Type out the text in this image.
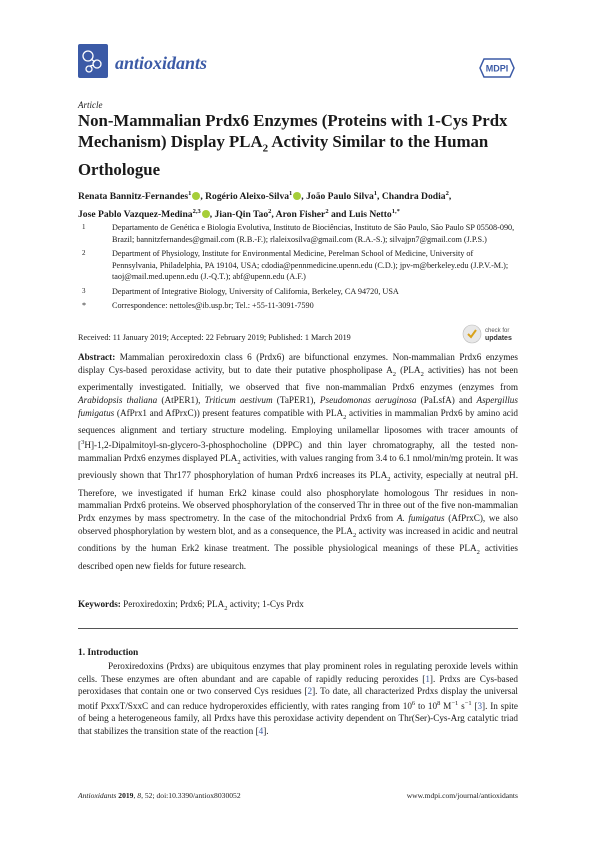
antioxidants	MDPI
Article
Non-Mammalian Prdx6 Enzymes (Proteins with 1-Cys Prdx Mechanism) Display $PLA_2$ Activity Similar to the Human Orthologue
Renata Bannitz-Fernandes$^1$ , Rogério Aleixo-Silva$^1$ , João Paulo Silva$^1$, Chandra Dodia$^2$,
Jose Pablo Vazquez-Medina$^{2,3}$ , Jian-Qin Tao$^2$, Aron Fisher$^2$ and Luis Netto$^{1,*}$
1	Departamento de Genética e Biologia Evolutiva, Instituto de Biociências, Instituto de São Paulo, São Paulo SP 05508-090, Brazil; bannitzfernandes@gmail.com (R.B.-F.); rlaleixosilva@gmail.com (R.A.-S.); silvajpn7@gmail.com (J.P.S.)
2	Department of Physiology, Institute for Environmental Medicine, Perelman School of Medicine, University of Pennsylvania, Philadelphia, PA 19104, USA; cdodia@pennmedicine.upenn.edu (C.D.); jpv-m@berkeley.edu (J.P.V.-M.); taoj@mail.med.upenn.edu (J.-Q.T.); abf@upenn.edu (A.F.)
3	Department of Integrative Biology, University of California, Berkeley, CA 94720, USA
*	Correspondence: nettoles@ib.usp.br; Tel.: +55-11-3091-7590
Received: 11 January 2019; Accepted: 22 February 2019; Published: 1 March 2019
check for
updates
Abstract: Mammalian peroxiredoxin class 6 (Prdx6) are bifunctional enzymes. Non-mammalian Prdx6 enzymes display Cys-based peroxidase activity, but to date their putative phospholipase $A_2$ ($PLA_2$ activities) has not been experimentally investigated. Initially, we observed that five non-mammalian Prdx6 enzymes (enzymes from Arabidopsis thaliana (AtPER1), Triticum aestivum (TaPER1), Pseudomonas aeruginosa (PaLsfA) and Aspergillus fumigatus (AfPrx1 and AfPrxC)) present features compatible with $PLA_2$ activities in mammalian Prdx6 by amino acid sequences alignment and tertiary structure modeling. Employing unilamellar liposomes with tracer amounts of [$^3$H]-1,2-Dipalmitoyl-sn-glycero-3-phosphocholine (DPPC) and thin layer chromatography, all the tested non-mammalian Prdx6 enzymes displayed $PLA_2$ activities, with values ranging from 3.4 to 6.1 nmol/min/mg protein. It was previously shown that Thr177 phosphorylation of human Prdx6 increases its $PLA_2$ activity, especially at neutral pH. Therefore, we investigated if human Erk2 kinase could also phosphorylate homologous Thr residues in non-mammalian Prdx6 proteins. We observed phosphorylation of the conserved Thr in three out of the five non-mammalian Prdx enzymes by mass spectrometry. In the case of the mitochondrial Prdx6 from A. fumigatus (AfPrxC), we also observed phosphorylation by western blot, and as a consequence, the $PLA_2$ activity was increased in acidic and neutral conditions by the human Erk2 kinase treatment. The possible physiological meanings of these $PLA_2$ activities described open new fields for future research.
Keywords: Peroxiredoxin; Prdx6; $PLA_2$ activity; 1-Cys Prdx
1. Introduction

Peroxiredoxins (Prdxs) are ubiquitous enzymes that play prominent roles in regulating peroxide levels within cells. These enzymes are often abundant and are capable of rapidly reducing peroxides [1]. Prdxs are Cys-based peroxidases that contain one or two conserved Cys residues [2]. To date, all characterized Prdxs display the universal motif PxxxT/SxxC and can reduce hydroperoxides efficiently, with rates ranging from $10^6$ to $10^8$ $M^{-1}$ $s^{-1}$ [3]. In spite of being a heterogeneous family, all Prdxs have this peroxidase activity dependent on Thr(Ser)-Cys-Arg catalytic triad that stabilizes the transition state of the reaction [4].

Antioxidants 2019, 8, 52; doi:10.3390/antiox8030052	www.mdpi.com/journal/antioxidants
